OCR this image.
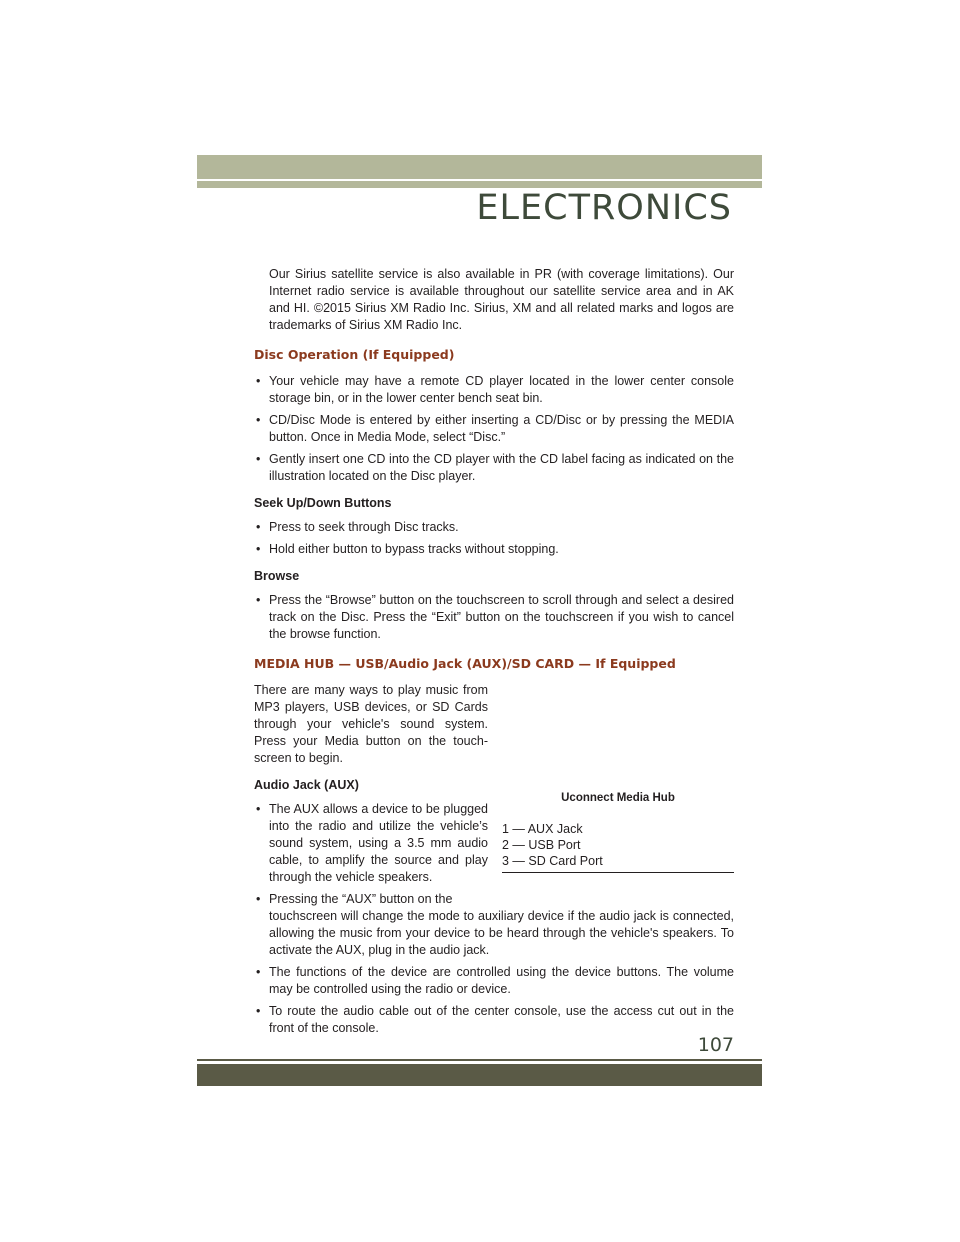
ELECTRONICS

Our Sirius satellite service is also available in PR (with coverage limitations). Our Internet radio service is available throughout our satellite service area and in AK and HI. ©2015 Sirius XM Radio Inc. Sirius, XM and all related marks and logos are trademarks of Sirius XM Radio Inc.

Disc Operation (If Equipped)
• Your vehicle may have a remote CD player located in the lower center console storage bin, or in the lower center bench seat bin.
• CD/Disc Mode is entered by either inserting a CD/Disc or by pressing the MEDIA button. Once in Media Mode, select “Disc.”
• Gently insert one CD into the CD player with the CD label facing as indicated on the illustration located on the Disc player.
Seek Up/Down Buttons
• Press to seek through Disc tracks.
• Hold either button to bypass tracks without stopping.
Browse
• Press the “Browse” button on the touchscreen to scroll through and select a desired track on the Disc. Press the “Exit” button on the touchscreen if you wish to cancel the browse function.
MEDIA HUB — USB/Audio Jack (AUX)/SD CARD — If Equipped

There are many ways to play music from MP3 players, USB devices, or SD Cards through your vehicle's sound system. Press your Media button on the touch-screen to begin.

Audio Jack (AUX)
• The AUX allows a device to be plugged into the radio and utilize the vehicle’s sound system, using a 3.5 mm audio cable, to amplify the source and play through the vehicle speakers.
• Pressing the “AUX” button on the
Uconnect Media Hub
1 — AUX Jack
2 — USB Port
3 — SD Card Port

touchscreen will change the mode to auxiliary device if the audio jack is connected, allowing the music from your device to be heard through the vehicle's speakers. To activate the AUX, plug in the audio jack.

• The functions of the device are controlled using the device buttons. The volume may be controlled using the radio or device.
• To route the audio cable out of the center console, use the access cut out in the front of the console.
107
